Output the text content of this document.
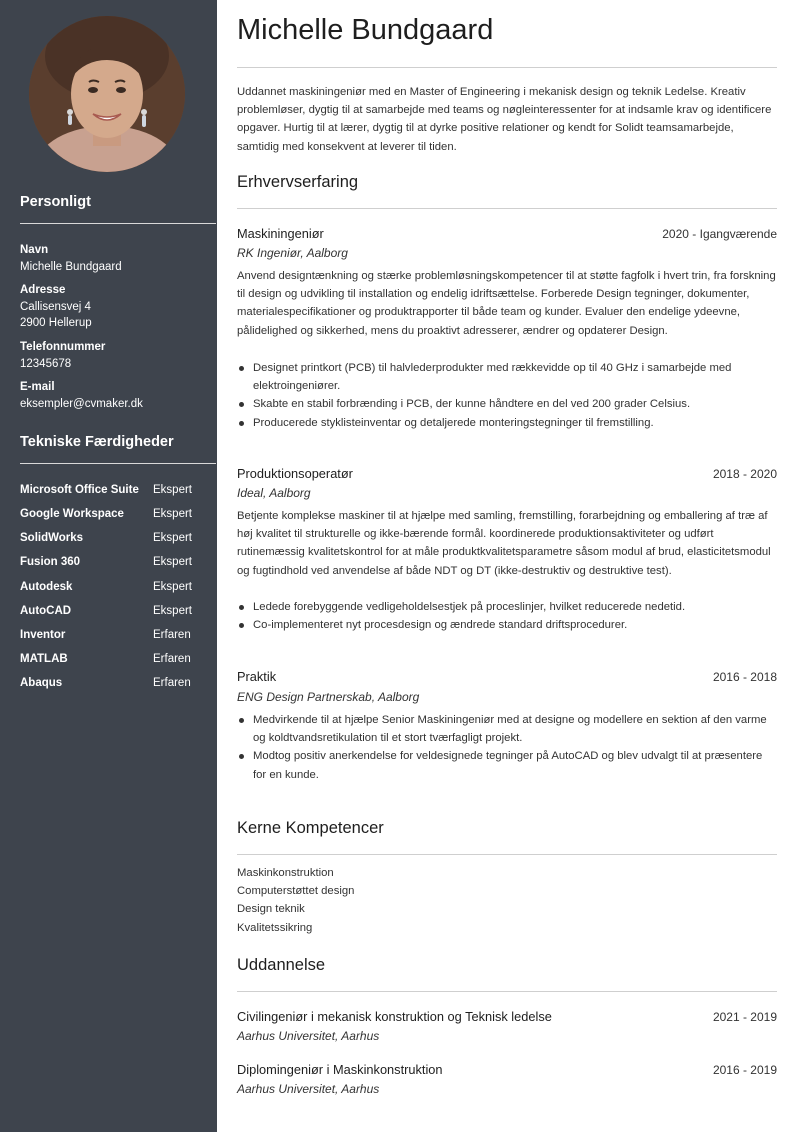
Personligt
Navn
Michelle Bundgaard
Adresse
Callisensvej 4
2900 Hellerup
Telefonnummer
12345678
E-mail
eksempler@cvmaker.dk
Tekniske Færdigheder
Microsoft Office Suite Ekspert
Google Workspace	Ekspert
SolidWorks	Ekspert
Fusion 360	Ekspert
Autodesk	Ekspert
AutoCAD	Ekspert
Inventor	Erfaren
MATLAB	Erfaren
Abaqus	Erfaren
Michelle Bundgaard

Uddannet maskiningeniør med en Master of Engineering i mekanisk design og teknik Ledelse. Kreativ problemløser, dygtig til at samarbejde med teams og nøgleinteressenter for at indsamle krav og identificere opgaver. Hurtig til at lærer, dygtig til at dyrke positive relationer og kendt for Solidt teamsamarbejde, samtidig med konsekvent at leverer til tiden.

Erhvervserfaring
Maskiningeniør	2020 - Igangværende
RK Ingeniør, Aalborg

Anvend designtænkning og stærke problemløsningskompetencer til at støtte fagfolk i hvert trin, fra forskning til design og udvikling til installation og endelig idriftsættelse. Forberede Design tegninger, dokumenter, materialespecifikationer og produktrapporter til både team og kunder. Evaluer den endelige ydeevne, pålidelighed og sikkerhed, mens du proaktivt adresserer, ændrer og opdaterer Design.

Designet printkort (PCB) til halvlederprodukter med rækkevidde op til 40 GHz i samarbejde med elektroingeniører.
Skabte en stabil forbrænding i PCB, der kunne håndtere en del ved 200 grader Celsius.
Producerede styklisteinventar og detaljerede monteringstegninger til fremstilling.
Produktionsoperatør	2018 - 2020
Ideal, Aalborg

Betjente komplekse maskiner til at hjælpe med samling, fremstilling, forarbejdning og emballering af træ af høj kvalitet til strukturelle og ikke-bærende formål. koordinerede produktionsaktiviteter og udført rutinemæssig kvalitetskontrol for at måle produktkvalitetsparametre såsom modul af brud, elasticitetsmodul og fugtindhold ved anvendelse af både NDT og DT (ikke-destruktiv og destruktive test).

Ledede forebyggende vedligeholdelsestjek på proceslinjer, hvilket reducerede nedetid.
Co-implementeret nyt procesdesign og ændrede standard driftsprocedurer.
Praktik	2016 - 2018
ENG Design Partnerskab, Aalborg
Medvirkende til at hjælpe Senior Maskiningeniør med at designe og modellere en sektion af den varme og koldtvandsretikulation til et stort tværfagligt projekt.
Modtog positiv anerkendelse for veldesignede tegninger på AutoCAD og blev udvalgt til at præsentere for en kunde.
Kerne Kompetencer
Maskinkonstruktion
Computerstøttet design
Design teknik
Kvalitetssikring
Uddannelse
Civilingeniør i mekanisk konstruktion og Teknisk ledelse	2021 - 2019
Aarhus Universitet, Aarhus
Diplomingeniør i Maskinkonstruktion	2016 - 2019
Aarhus Universitet, Aarhus
